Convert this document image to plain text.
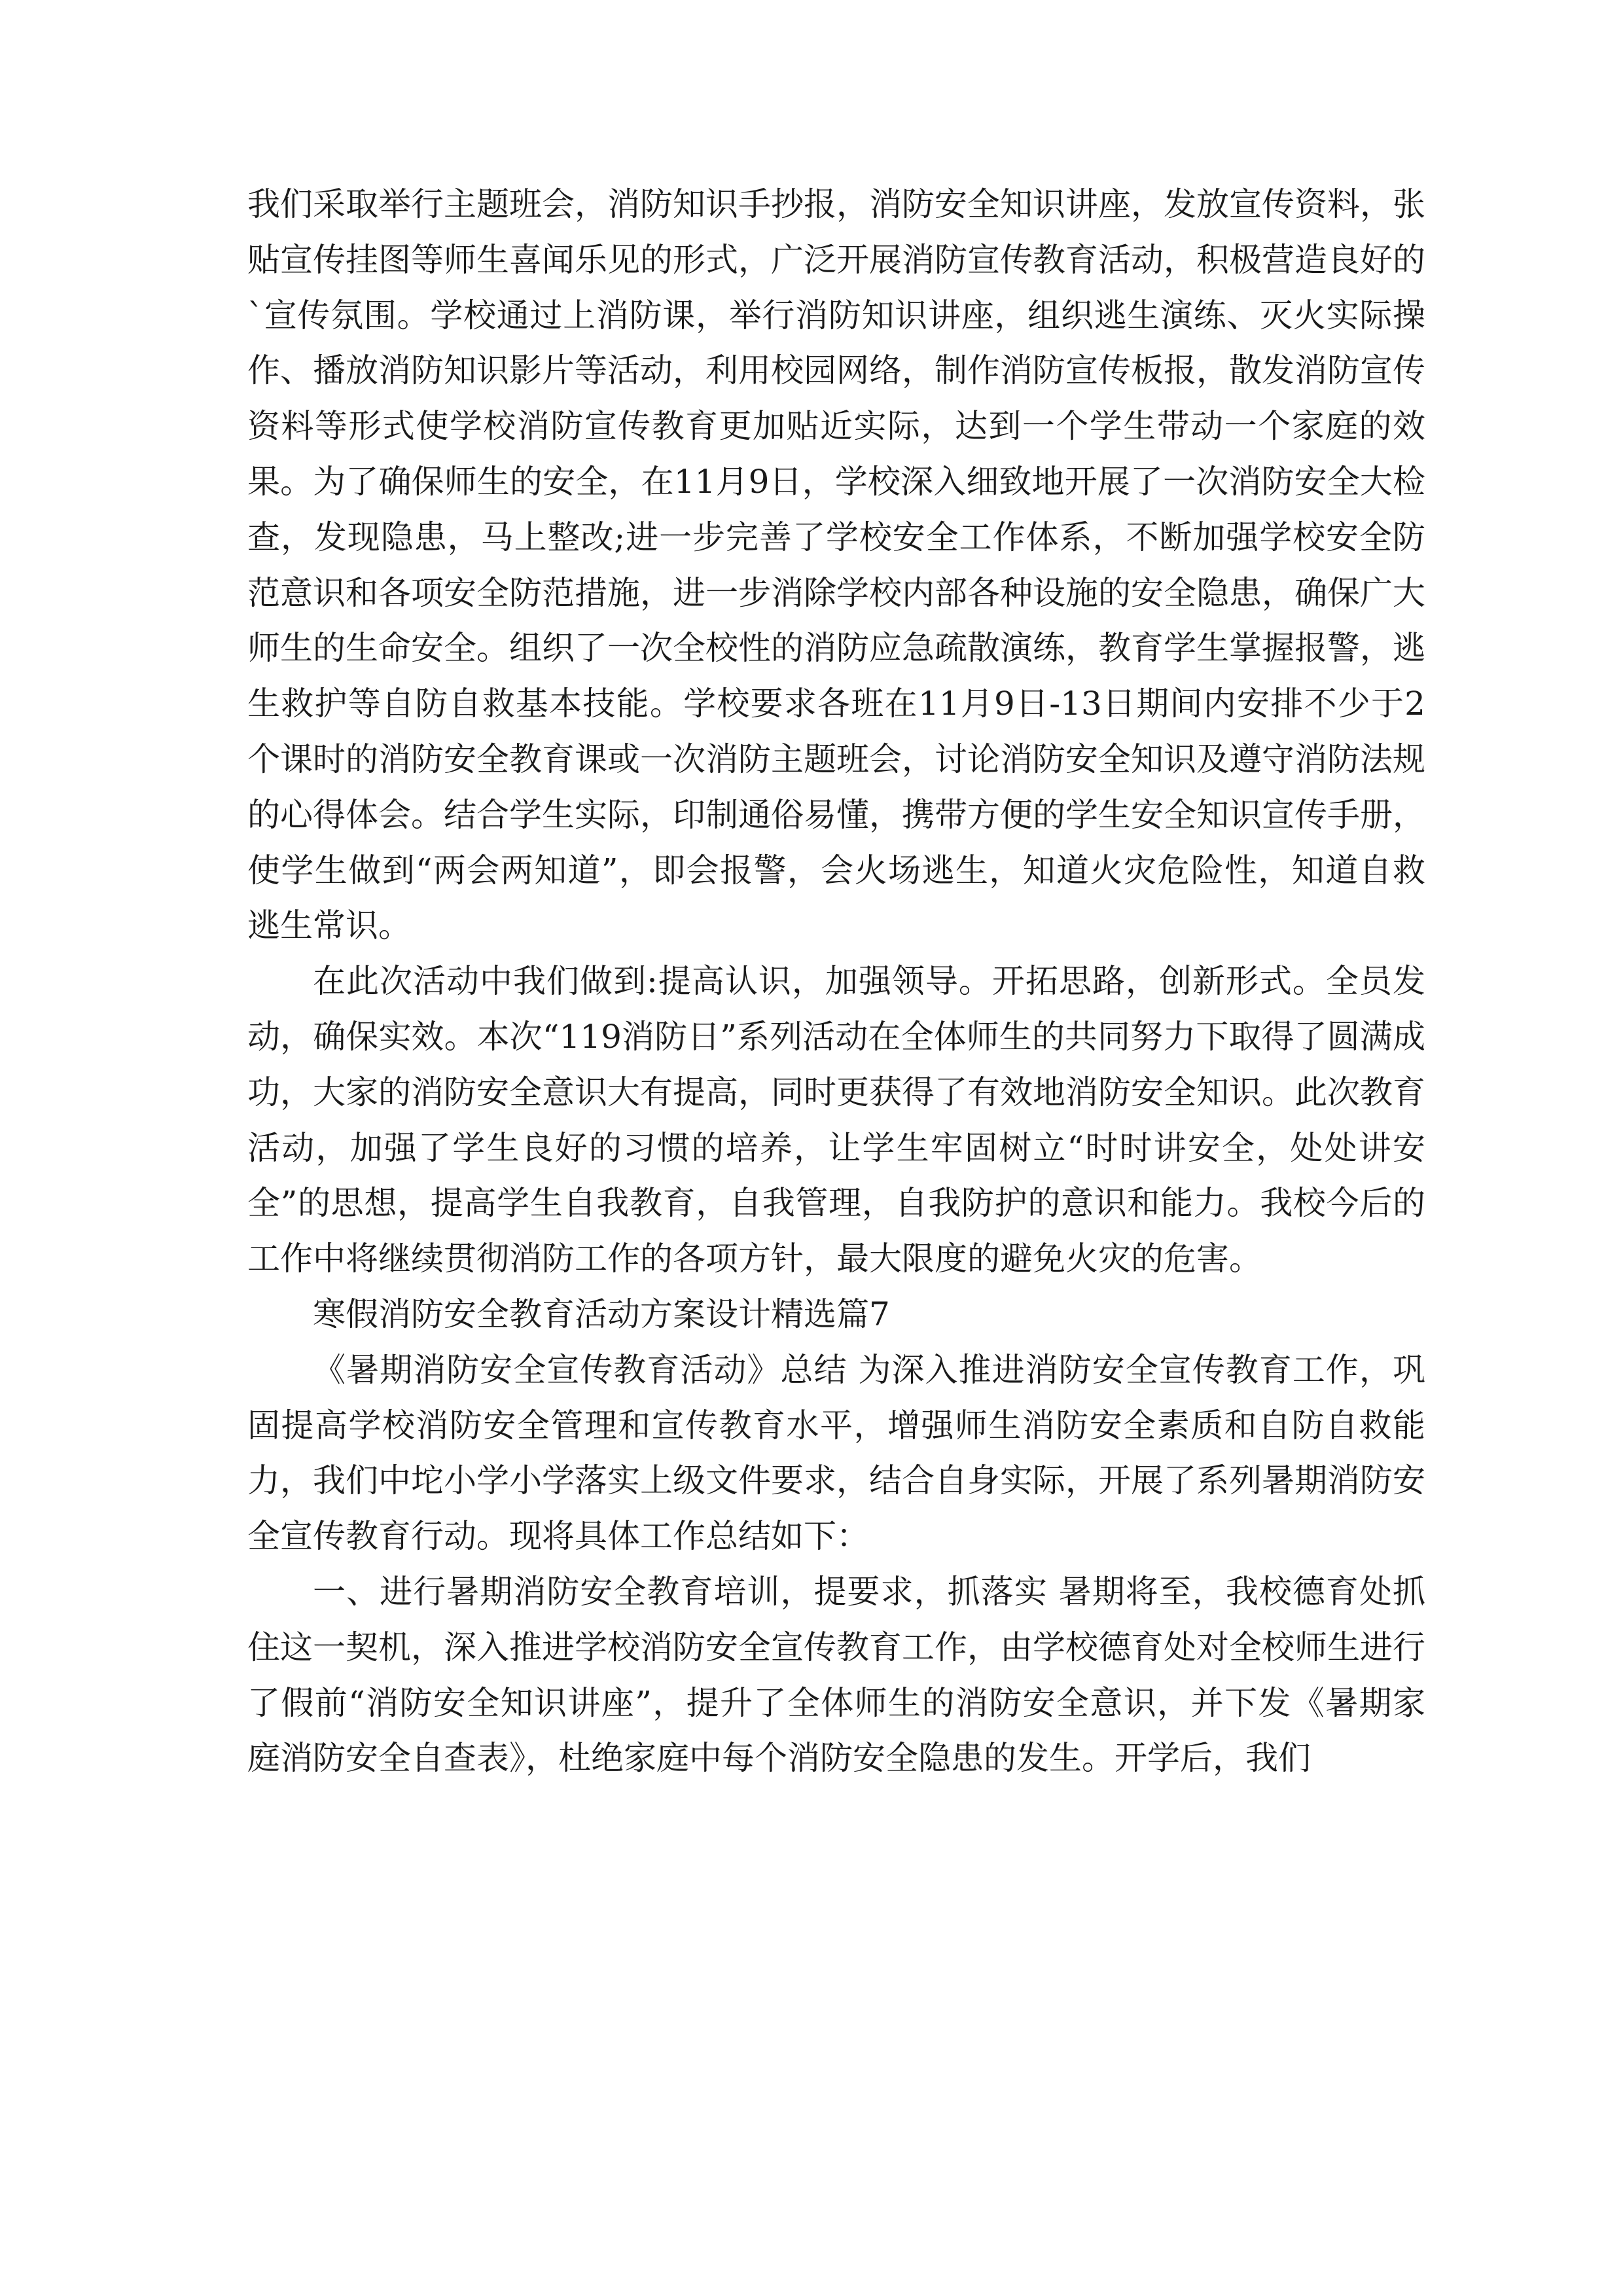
我们采取举行主题班会，消防知识手抄报，消防安全知识讲座，发放宣传资料，张贴宣传挂图等师生喜闻乐见的形式，广泛开展消防宣传教育活动，积极营造良好的`宣传氛围。学校通过上消防课，举行消防知识讲座，组织逃生演练、灭火实际操作、播放消防知识影片等活动，利用校园网络，制作消防宣传板报，散发消防宣传资料等形式使学校消防宣传教育更加贴近实际，达到一个学生带动一个家庭的效果。为了确保师生的安全，在11月9日，学校深入细致地开展了一次消防安全大检查，发现隐患，马上整改;进一步完善了学校安全工作体系，不断加强学校安全防范意识和各项安全防范措施，进一步消除学校内部各种设施的安全隐患，确保广大师生的生命安全。组织了一次全校性的消防应急疏散演练，教育学生掌握报警，逃生救护等自防自救基本技能。学校要求各班在11月9日-13日期间内安排不少于2个课时的消防安全教育课或一次消防主题班会，讨论消防安全知识及遵守消防法规的心得体会。结合学生实际，印制通俗易懂，携带方便的学生安全知识宣传手册，使学生做到“两会两知道”，即会报警，会火场逃生，知道火灾危险性，知道自救逃生常识。

在此次活动中我们做到:提高认识，加强领导。开拓思路，创新形式。全员发动，确保实效。本次“119消防日”系列活动在全体师生的共同努力下取得了圆满成功，大家的消防安全意识大有提高，同时更获得了有效地消防安全知识。此次教育活动，加强了学生良好的习惯的培养，让学生牢固树立“时时讲安全，处处讲安全”的思想，提高学生自我教育，自我管理，自我防护的意识和能力。我校今后的工作中将继续贯彻消防工作的各项方针，最大限度的避免火灾的危害。

寒假消防安全教育活动方案设计精选篇7

《暑期消防安全宣传教育活动》总结 为深入推进消防安全宣传教育工作，巩固提高学校消防安全管理和宣传教育水平，增强师生消防安全素质和自防自救能力，我们中坨小学小学落实上级文件要求，结合自身实际，开展了系列暑期消防安全宣传教育行动。现将具体工作总结如下：

一、进行暑期消防安全教育培训，提要求，抓落实 暑期将至，我校德育处抓住这一契机，深入推进学校消防安全宣传教育工作，由学校德育处对全校师生进行了假前“消防安全知识讲座”，提升了全体师生的消防安全意识，并下发《暑期家庭消防安全自查表》，杜绝家庭中每个消防安全隐患的发生。开学后，我们
